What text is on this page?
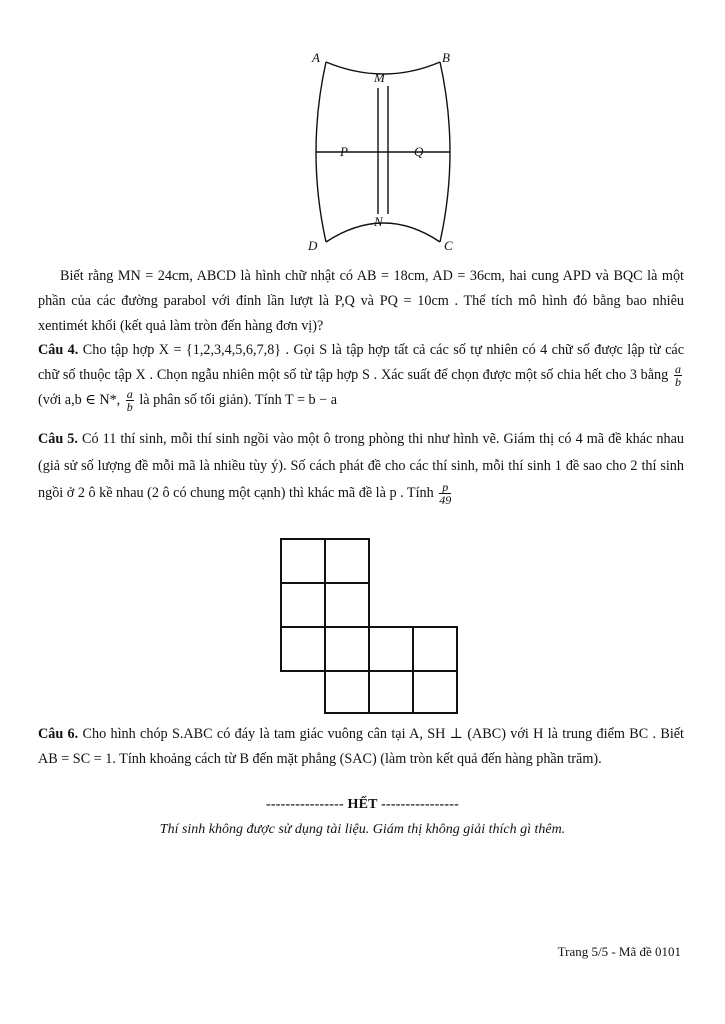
A	B
M
P	Q
N
D	C

Biết rằng MN = 24cm, ABCD là hình chữ nhật có AB = 18cm, AD = 36cm, hai cung APD và BQC là một phần của các đường parabol với đỉnh lần lượt là P,Q và PQ = 10cm . Thể tích mô hình đó bằng bao nhiêu xentimét khối (kết quả làm tròn đến hàng đơn vị)?

Câu 4. Cho tập hợp X = {1,2,3,4,5,6,7,8} . Gọi S là tập hợp tất cả các số tự nhiên có 4 chữ số được lập từ các chữ số thuộc tập X . Chọn ngẫu nhiên một số từ tập hợp S . Xác suất để chọn được một số chia hết cho 3 bằng $\frac{a}{b}$
(với a,b ∈ N*, $\frac{a}{b}$ là phân số tối giản). Tính T = b − a

Câu 5. Có 11 thí sinh, mỗi thí sinh ngồi vào một ô trong phòng thi như hình vẽ. Giám thị có 4 mã đề khác nhau (giả sử số lượng đề mỗi mã là nhiều tùy ý). Số cách phát đề cho các thí sinh, mỗi thí sinh 1 đề sao cho 2 thí sinh ngồi ở 2 ô kề nhau (2 ô có chung một cạnh) thì khác mã đề là p . Tính $\frac{p}{49}$

Câu 6. Cho hình chóp S.ABC có đáy là tam giác vuông cân tại A, SH ⊥ (ABC) với H là trung điểm BC . Biết AB = SC = 1. Tính khoảng cách từ B đến mặt phẳng (SAC) (làm tròn kết quả đến hàng phần trăm).

---------------- HẾT ----------------
Thí sinh không được sử dụng tài liệu. Giám thị không giải thích gì thêm.
Trang 5/5 - Mã đề 0101
